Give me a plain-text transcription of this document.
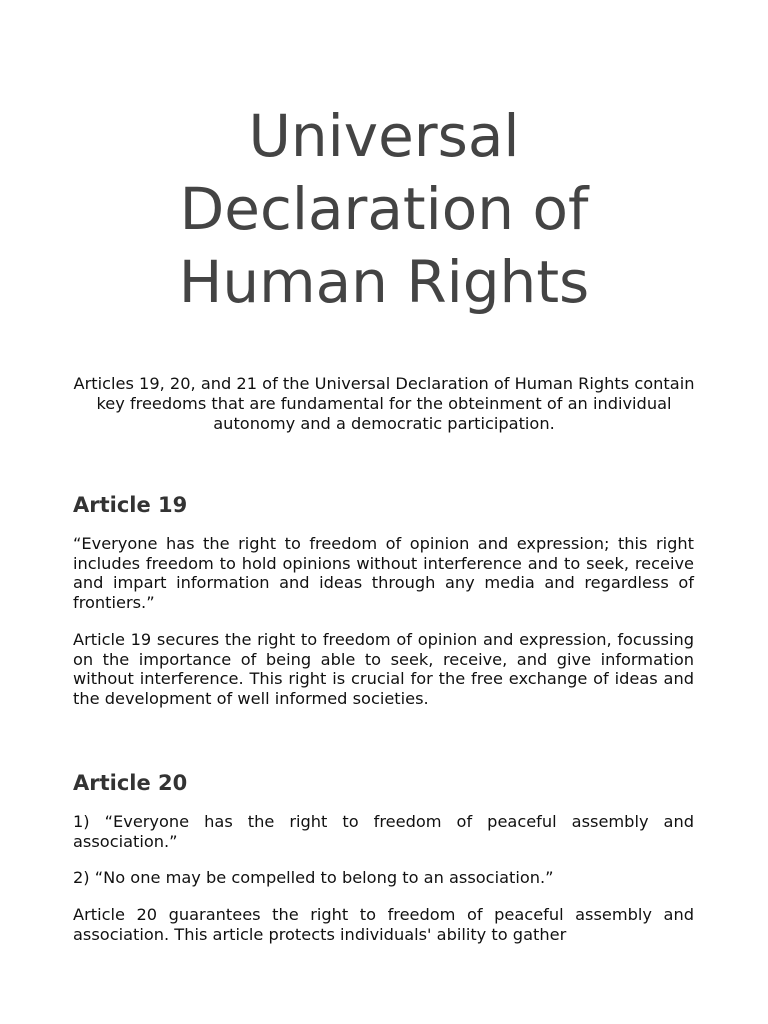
Universal
Declaration of
Human Rights

Articles 19, 20, and 21 of the Universal Declaration of Human Rights contain key freedoms that are fundamental for the obteinment of an individual autonomy and a democratic participation.

Article 19

“Everyone has the right to freedom of opinion and expression; this right includes freedom to hold opinions without interference and to seek, receive and impart information and ideas through any media and regardless of frontiers.”

Article 19 secures the right to freedom of opinion and expression, focussing on the importance of being able to seek, receive, and give information without interference. This right is crucial for the free exchange of ideas and the development of well informed societies.

Article 20

1) “Everyone has the right to freedom of peaceful assembly and association.”

2) “No one may be compelled to belong to an association.”

Article 20 guarantees the right to freedom of peaceful assembly and association. This article protects individuals' ability to gather
